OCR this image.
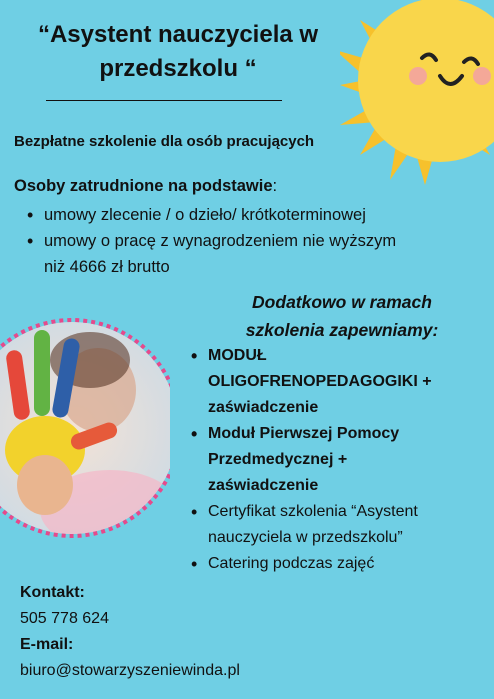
“Asystent nauczyciela w
przedszkolu “
Bezpłatne szkolenie dla osób pracujących
Osoby zatrudnione na podstawie:
• umowy zlecenie / o dzieło/ krótkoterminowej
• umowy o pracę z wynagrodzeniem nie wyższym
niż 4666 zł brutto
Dodatkowo w ramach
szkolenia zapewniamy:
• MODUŁ
OLIGOFRENOPEDAGOGIKI +
zaświadczenie
• Moduł Pierwszej Pomocy
Przedmedycznej +
zaświadczenie
• Certyfikat szkolenia “Asystent
nauczyciela w przedszkolu”
• Catering podczas zajęć
Kontakt:
505 778 624
E-mail:
biuro@stowarzyszeniewinda.pl
